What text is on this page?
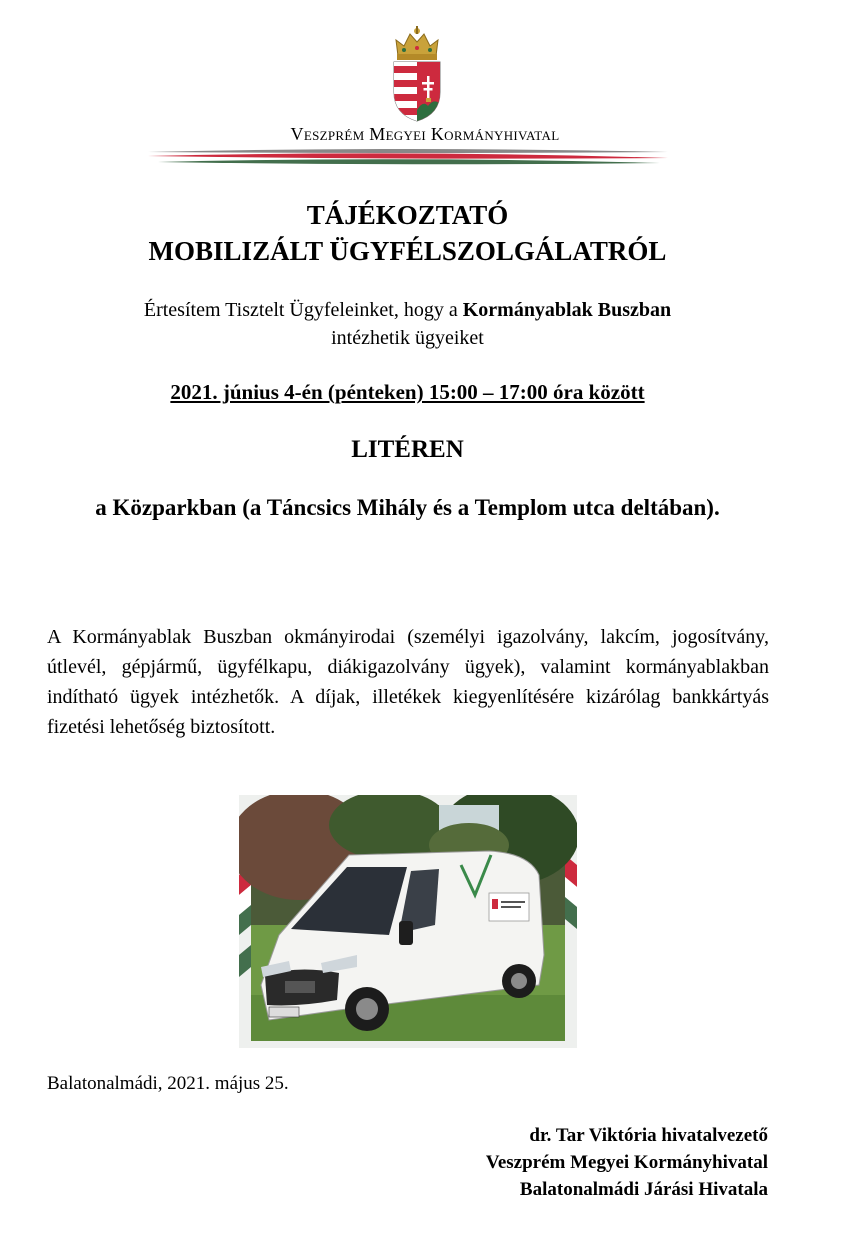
Veszprém Megyei Kormányhivatal
TÁJÉKOZTATÓ
MOBILIZÁLT ÜGYFÉLSZOLGÁLATRÓL
Értesítem Tisztelt Ügyfeleinket, hogy a Kormányablak Buszban
intézhetik ügyeiket
2021. június 4-én (pénteken) 15:00 – 17:00 óra között
LITÉREN
a Közparkban (a Táncsics Mihály és a Templom utca deltában).
A Kormányablak Buszban okmányirodai (személyi igazolvány, lakcím, jogosítvány, útlevél, gépjármű, ügyfélkapu, diákigazolvány ügyek), valamint kormányablakban indítható ügyek intézhetők. A díjak, illetékek kiegyenlítésére kizárólag bankkártyás fizetési lehetőség biztosított.
Balatonalmádi, 2021. május 25.
dr. Tar Viktória hivatalvezető
Veszprém Megyei Kormányhivatal
Balatonalmádi Járási Hivatala
